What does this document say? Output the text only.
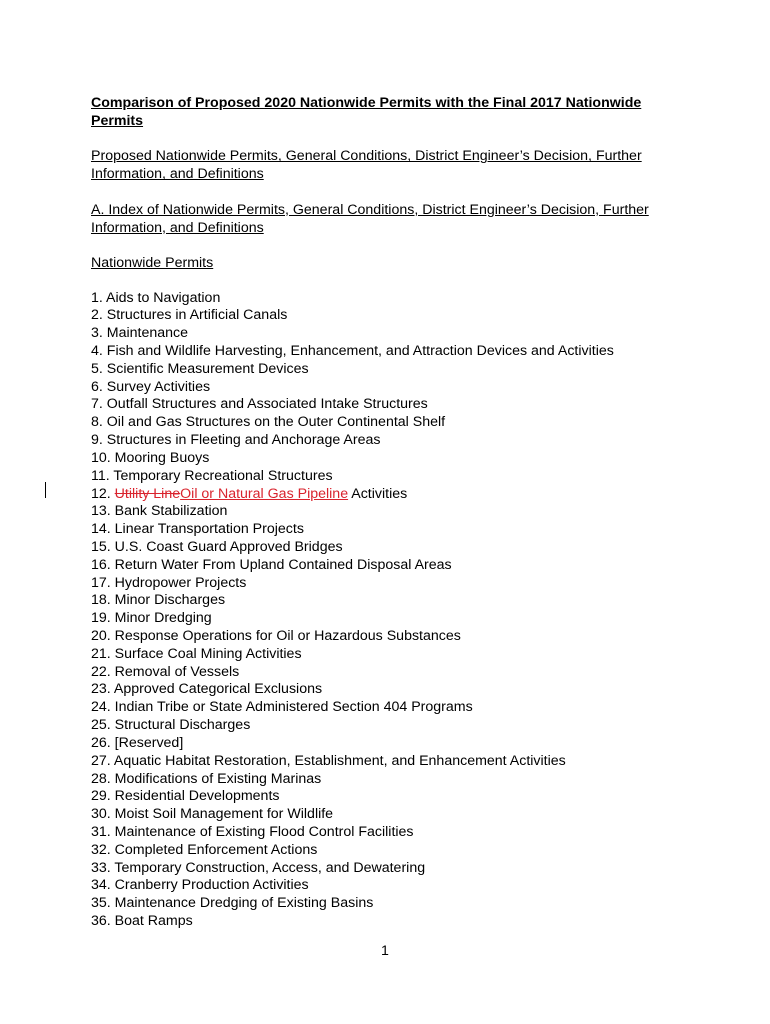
Comparison of Proposed 2020 Nationwide Permits with the Final 2017 Nationwide Permits

Proposed Nationwide Permits, General Conditions, District Engineer’s Decision, Further Information, and Definitions

A. Index of Nationwide Permits, General Conditions, District Engineer’s Decision, Further Information, and Definitions

Nationwide Permits

1. Aids to Navigation
2. Structures in Artificial Canals
3. Maintenance
4. Fish and Wildlife Harvesting, Enhancement, and Attraction Devices and Activities
5. Scientific Measurement Devices
6. Survey Activities
7. Outfall Structures and Associated Intake Structures
8. Oil and Gas Structures on the Outer Continental Shelf
9. Structures in Fleeting and Anchorage Areas
10. Mooring Buoys
11. Temporary Recreational Structures
12. Utility LineOil or Natural Gas Pipeline Activities
13. Bank Stabilization
14. Linear Transportation Projects
15. U.S. Coast Guard Approved Bridges
16. Return Water From Upland Contained Disposal Areas
17. Hydropower Projects
18. Minor Discharges
19. Minor Dredging
20. Response Operations for Oil or Hazardous Substances
21. Surface Coal Mining Activities
22. Removal of Vessels
23. Approved Categorical Exclusions
24. Indian Tribe or State Administered Section 404 Programs
25. Structural Discharges
26. [Reserved]
27. Aquatic Habitat Restoration, Establishment, and Enhancement Activities
28. Modifications of Existing Marinas
29. Residential Developments
30. Moist Soil Management for Wildlife
31. Maintenance of Existing Flood Control Facilities
32. Completed Enforcement Actions
33. Temporary Construction, Access, and Dewatering
34. Cranberry Production Activities
35. Maintenance Dredging of Existing Basins
36. Boat Ramps
1
